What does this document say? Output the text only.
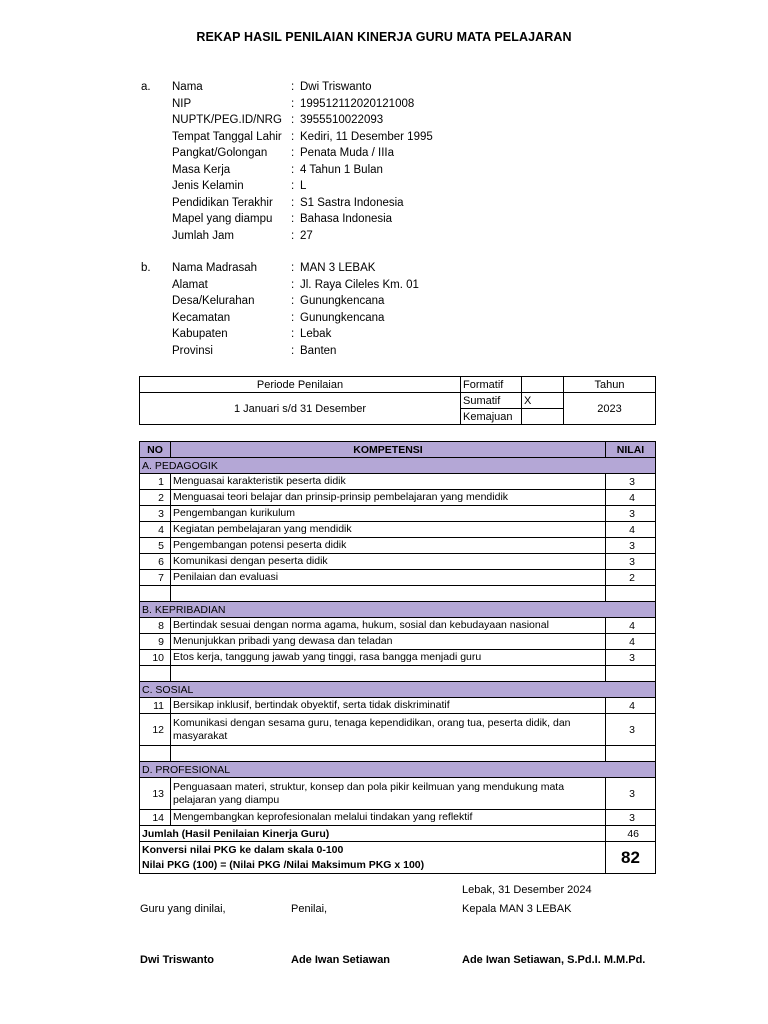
REKAP HASIL PENILAIAN KINERJA GURU MATA PELAJARAN
a. Nama	: Dwi Triswanto
NIP	: 199512112020121008
NUPTK/PEG.ID/NRG : 3955510022093
Tempat Tanggal Lahir : Kediri, 11 Desember 1995
Pangkat/Golongan : Penata Muda / IIIa
Masa Kerja	: 4 Tahun 1 Bulan
Jenis Kelamin	: L
Pendidikan Terakhir : S1 Sastra Indonesia
Mapel yang diampu : Bahasa Indonesia
Jumlah Jam	: 27
b. Nama Madrasah	: MAN 3 LEBAK
Alamat	: Jl. Raya Cileles Km. 01
Desa/Kelurahan	: Gunungkencana
Kecamatan	: Gunungkencana
Kabupaten	: Lebak
Provinsi	: Banten
Periode Penilaian	Formatif		Tahun
1 Januari s/d 31 Desember	Sumatif	X	2023
	Kemajuan		
NO	KOMPETENSI	NILAI
A. PEDAGOGIK		
1	Menguasai karakteristik peserta didik	3
2	Menguasai teori belajar dan prinsip-prinsip pembelajaran yang mendidik	4
3	Pengembangan kurikulum	3
4	Kegiatan pembelajaran yang mendidik	4
5	Pengembangan potensi peserta didik	3
6	Komunikasi dengan peserta didik	3
7	Penilaian dan evaluasi	2

B. KEPRIBADIAN		
8	Bertindak sesuai dengan norma agama, hukum, sosial dan kebudayaan nasional	4
9	Menunjukkan pribadi yang dewasa dan teladan	4
10	Etos kerja, tanggung jawab yang tinggi, rasa bangga menjadi guru	3

C. SOSIAL		
11	Bersikap inklusif, bertindak obyektif, serta tidak diskriminatif	4
12	Komunikasi dengan sesama guru, tenaga kependidikan, orang tua, peserta didik, dan masyarakat	3

D. PROFESIONAL		
13	Penguasaan materi, struktur, konsep dan pola pikir keilmuan yang mendukung mata pelajaran yang diampu	3
14	Mengembangkan keprofesionalan melalui tindakan yang reflektif	3
Jumlah (Hasil Penilaian Kinerja Guru)		46

Konversi nilai PKG ke dalam skala 0-100
Nilai PKG (100) = (Nilai PKG /Nilai Maksimum PKG x 100)		82
Lebak, 31 Desember 2024
Guru yang dinilai,	Penilai,	Kepala MAN 3 LEBAK
Dwi Triswanto	Ade Iwan Setiawan	Ade Iwan Setiawan, S.Pd.I. M.M.Pd.
